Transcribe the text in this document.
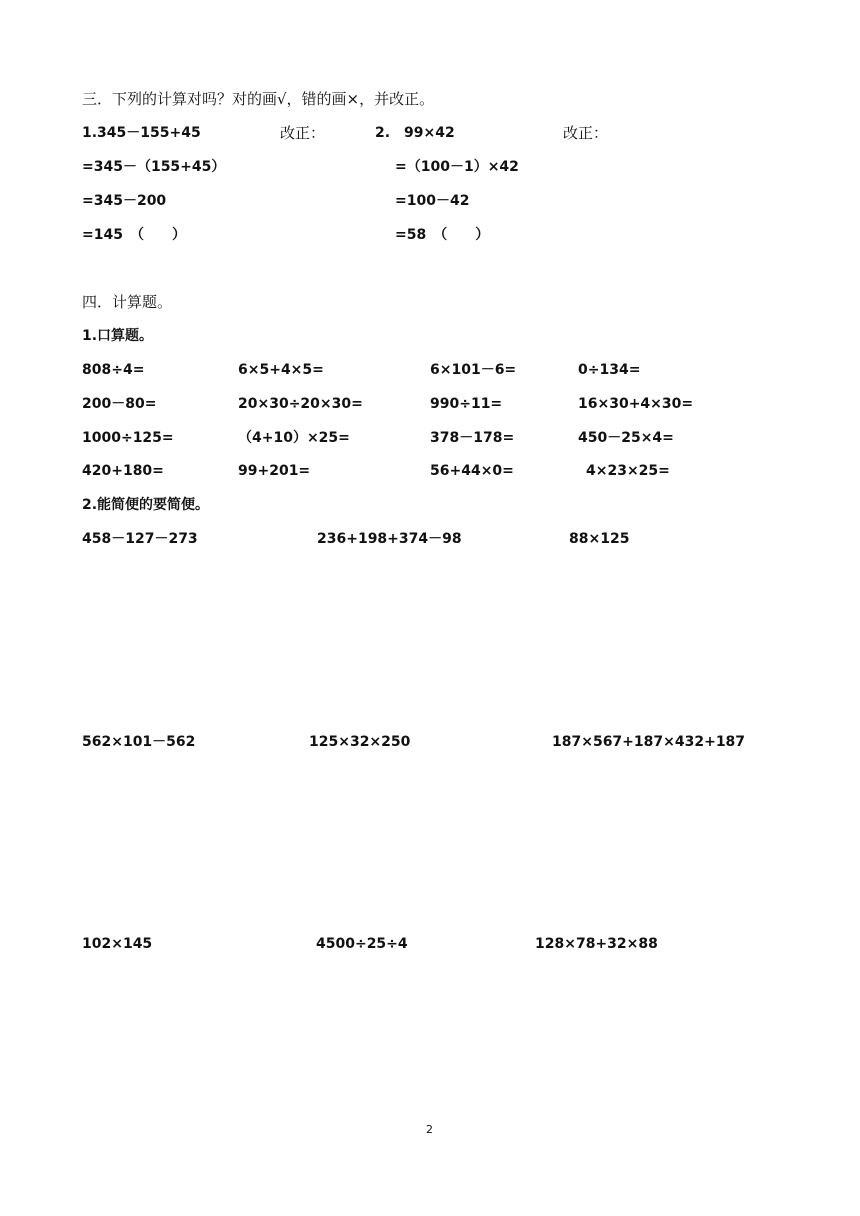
三．下列的计算对吗？对的画√，错的画×，并改正。
1.345－155+45
=345－（155+45）
=345－200
=145　（　　）
改正：	2.　99×42
=（100－1）×42
=100－42
=58　（　　）
改正：
四．计算题。
1.口算题。
808÷4=	6×5+4×5=	6×101－6=	0÷134=
200－80=	20×30÷20×30=	990÷11=	16×30+4×30=
1000÷125=	（4+10）×25=	378－178=	450－25×4=
420+180=	99+201=	56+44×0=	4×23×25=
2.能简便的要简便。
458－127－273	236+198+374－98	88×125
562×101－562	125×32×250	187×567+187×432+187
102×145	4500÷25÷4	128×78+32×88
2
